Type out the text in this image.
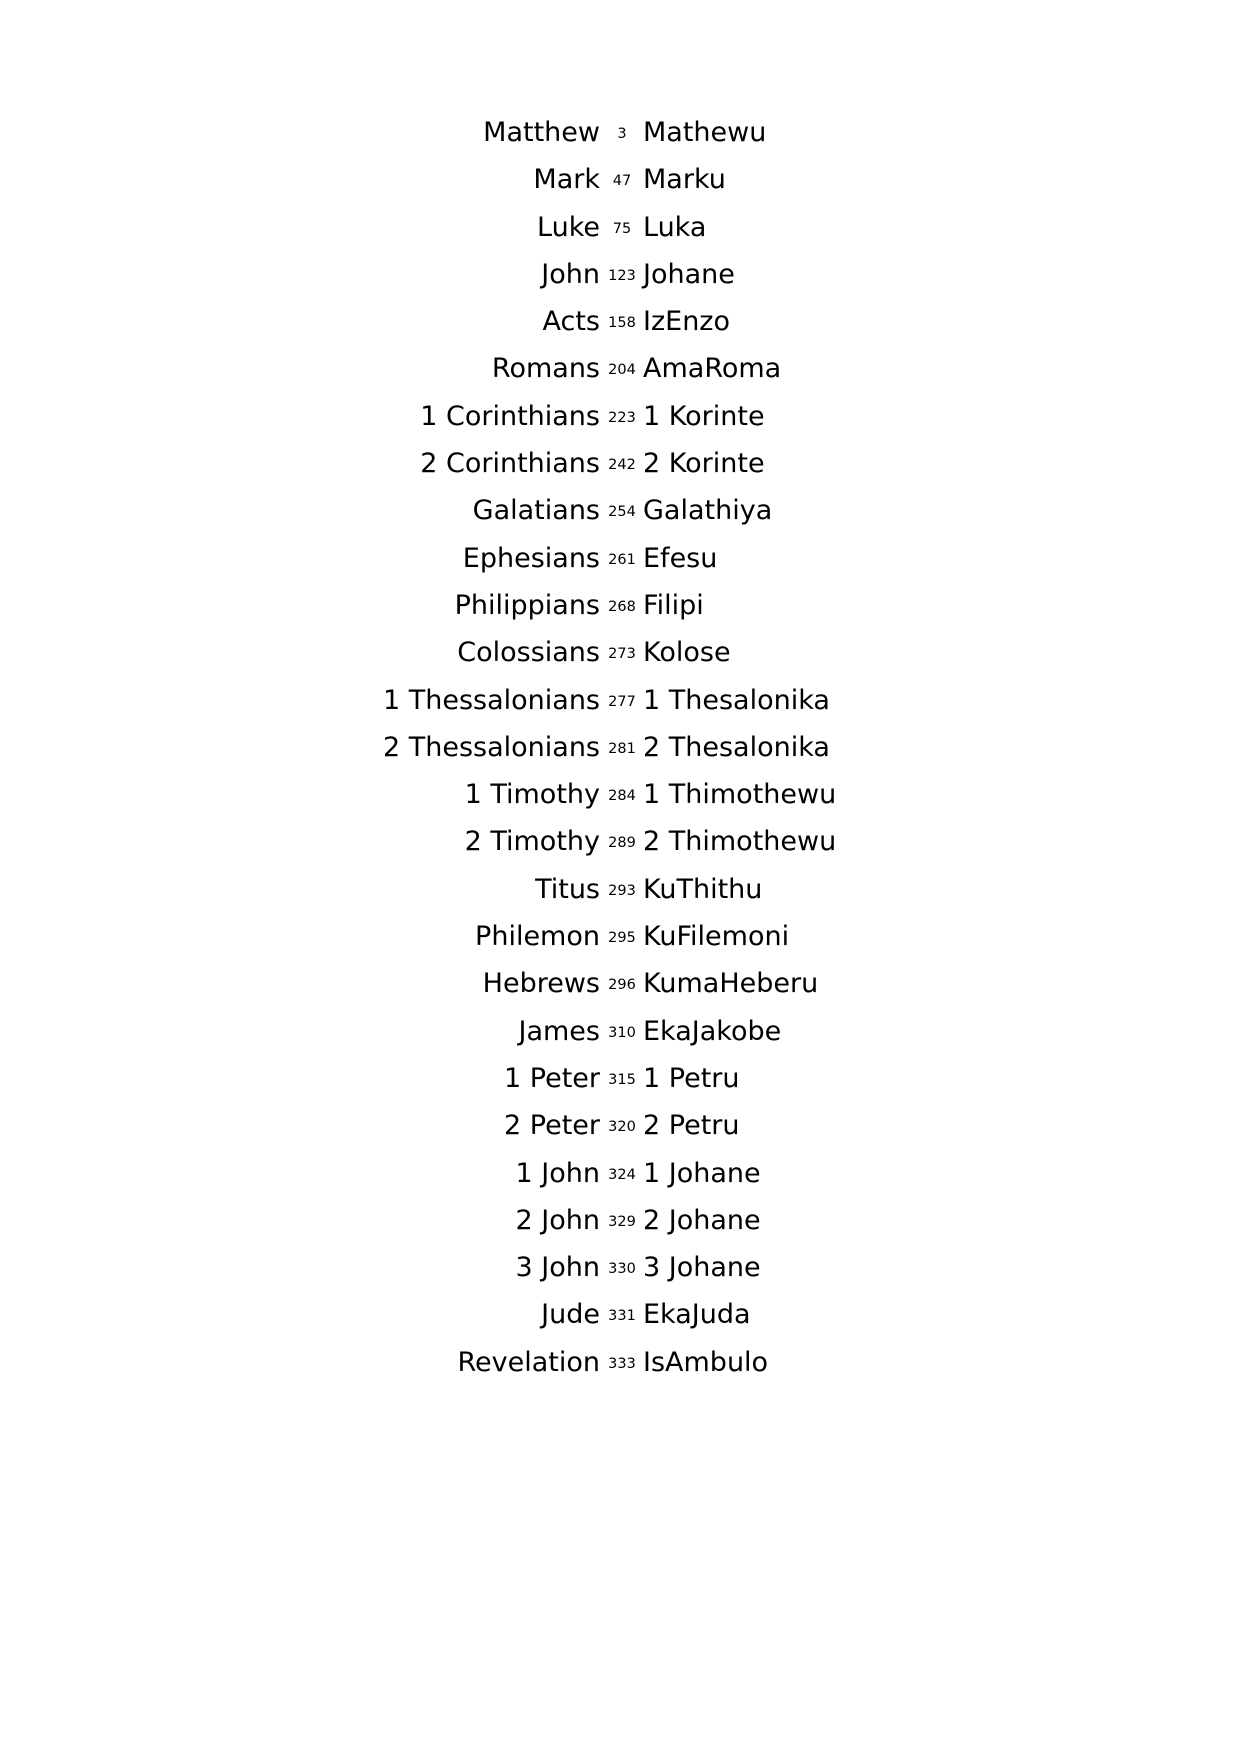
Matthew	3 Mathewu
Mark 47 Marku
Luke 75 Luka
John 123 Johane
Acts 158 IzEnzo
Romans 204 AmaRoma
1 Corinthians 223 1 Korinte
2 Corinthians 242 2 Korinte
Galatians 254 Galathiya
Ephesians 261 Efesu
Philippians 268 Filipi
Colossians 273 Kolose
1 Thessalonians 277 1 Thesalonika
2 Thessalonians 281 2 Thesalonika
1 Timothy 284 1 Thimothewu
2 Timothy 289 2 Thimothewu
Titus 293 KuThithu
Philemon 295 KuFilemoni
Hebrews 296 KumaHeberu
James 310 EkaJakobe
1 Peter 315 1 Petru
2 Peter 320 2 Petru
1 John 324 1 Johane
2 John 329 2 Johane
3 John 330 3 Johane
Jude 331 EkaJuda
Revelation 333 IsAmbulo
